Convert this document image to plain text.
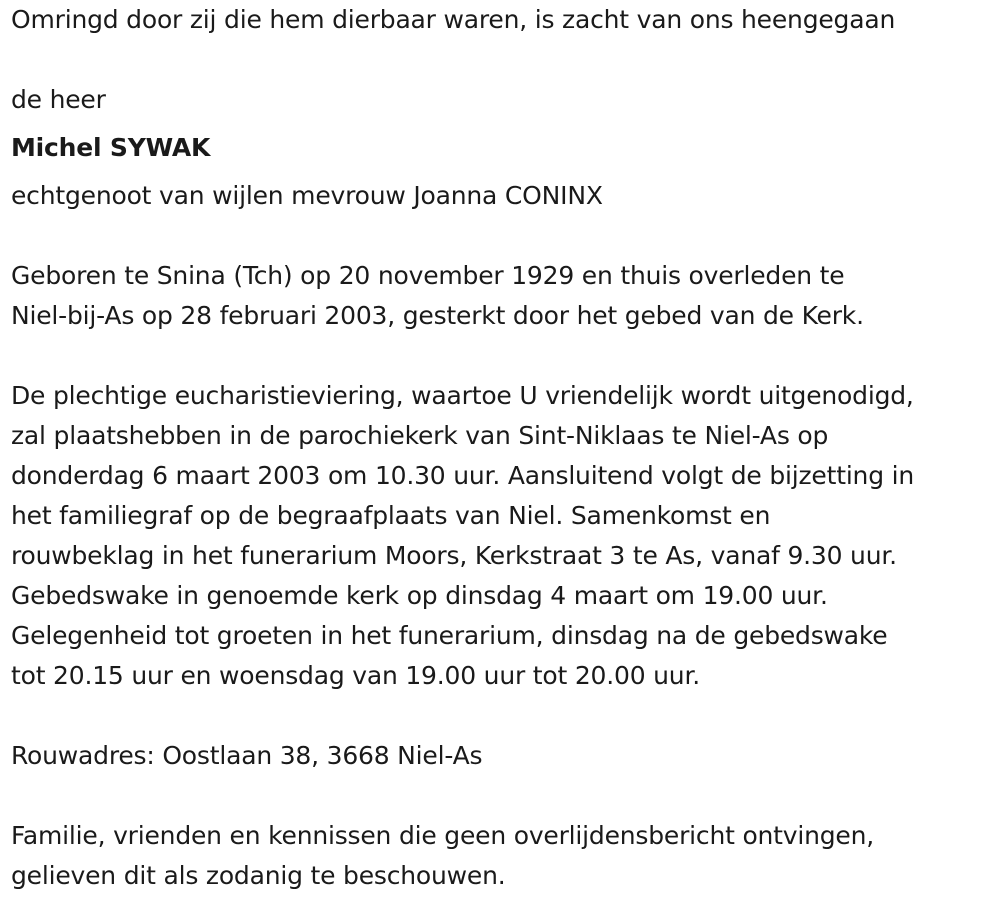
Omringd door zij die hem dierbaar waren, is zacht van ons heengegaan
de heer
Michel SYWAK
echtgenoot van wijlen mevrouw Joanna CONINX
Geboren te Snina (Tch) op 20 november 1929 en thuis overleden te
Niel-bij-As op 28 februari 2003, gesterkt door het gebed van de Kerk.
De plechtige eucharistieviering, waartoe U vriendelijk wordt uitgenodigd,
zal plaatshebben in de parochiekerk van Sint-Niklaas te Niel-As op
donderdag 6 maart 2003 om 10.30 uur. Aansluitend volgt de bijzetting in
het familiegraf op de begraafplaats van Niel. Samenkomst en
rouwbeklag in het funerarium Moors, Kerkstraat 3 te As, vanaf 9.30 uur.
Gebedswake in genoemde kerk op dinsdag 4 maart om 19.00 uur.
Gelegenheid tot groeten in het funerarium, dinsdag na de gebedswake
tot 20.15 uur en woensdag van 19.00 uur tot 20.00 uur.
Rouwadres: Oostlaan 38, 3668 Niel-As
Familie, vrienden en kennissen die geen overlijdensbericht ontvingen,
gelieven dit als zodanig te beschouwen.
